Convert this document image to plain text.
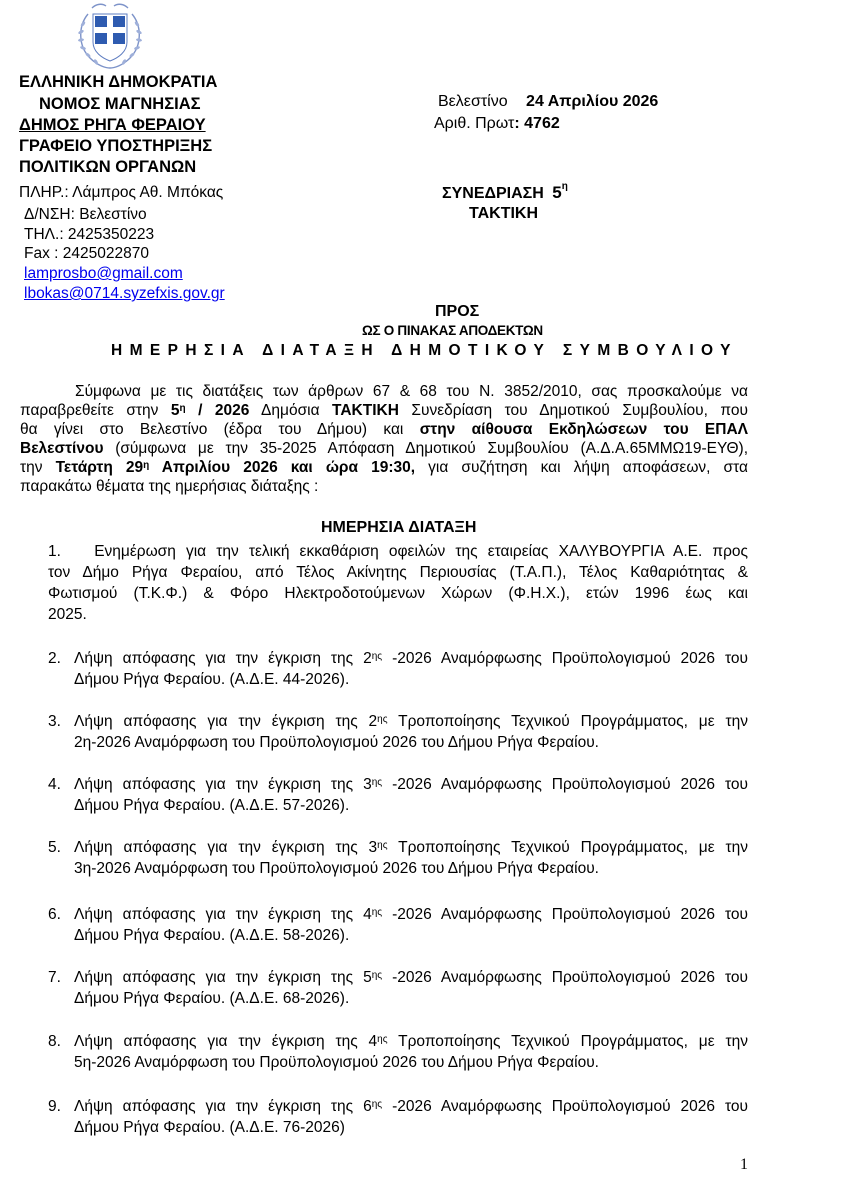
ΕΛΛΗΝΙΚΗ ΔΗΜΟΚΡΑΤΙΑ
ΝΟΜΟΣ ΜΑΓΝΗΣΙΑΣ
ΔΗΜΟΣ ΡΗΓΑ ΦΕΡΑΙΟΥ
ΓΡΑΦΕΙΟ ΥΠΟΣΤΗΡΙΞΗΣ
ΠΟΛΙΤΙΚΩΝ ΟΡΓΑΝΩΝ
ΠΛΗΡ.: Λάμπρος Αθ. Μπόκας
Δ/ΝΣΗ: Βελεστίνο
ΤΗΛ.: 2425350223
Fax : 2425022870
lamprosbo@gmail.com
lbokas@0714.syzefxis.gov.gr
Βελεστίνο 24 Απριλίου 2026
Αριθ. Πρωτ: 4762
ΣΥΝΕΔΡΙΑΣΗ $5^\eta$
ΤΑΚΤΙΚΗ
ΠΡΟΣ
ΩΣ Ο ΠΙΝΑΚΑΣ ΑΠΟΔΕΚΤΩΝ
ΗΜΕΡΗΣΙΑ ΔΙΑΤΑΞΗ ΔΗΜΟΤΙΚΟΥ ΣΥΜΒΟΥΛΙΟΥ
Σύμφωνα με τις διατάξεις των άρθρων 67 & 68 του Ν. 3852/2010, σας προσκαλούμε να
παραβρεθείτε στην $5^\eta / 2026$ Δημόσια ΤΑΚΤΙΚΗ Συνεδρίαση του Δημοτικού Συμβουλίου, που
θα γίνει στο Βελεστίνο (έδρα του Δήμου) και στην αίθουσα Εκδηλώσεων του ΕΠΑΛ
Βελεστίνου (σύμφωνα με την 35-2025 Απόφαση Δημοτικού Συμβουλίου (Α.Δ.Α.65ΜΜΩ19-ΕΥΘ),
την Τετάρτη $29^\eta$ Απριλίου 2026 και ώρα 19:30, για συζήτηση και λήψη αποφάσεων, στα
παρακάτω θέματα της ημερήσιας διάταξης :
ΗΜΕΡΗΣΙΑ ΔΙΑΤΑΞΗ
1. Ενημέρωση για την τελική εκκαθάριση οφειλών της εταιρείας ΧΑΛΥΒΟΥΡΓΙΑ Α.Ε. προς
τον Δήμο Ρήγα Φεραίου, από Τέλος Ακίνητης Περιουσίας (Τ.Α.Π.), Τέλος Καθαριότητας &
Φωτισμού (Τ.Κ.Φ.) & Φόρο Ηλεκτροδοτούμενων Χώρων (Φ.Η.Χ.), ετών 1996 έως και
2025.
2. Λήψη απόφασης για την έγκριση της $2^{\eta\varsigma}$ -2026 Αναμόρφωσης Προϋπολογισμού 2026 του
Δήμου Ρήγα Φεραίου. (Α.Δ.Ε. 44-2026).
3. Λήψη απόφασης για την έγκριση της $2^{\eta\varsigma}$ Τροποποίησης Τεχνικού Προγράμματος, με την
2η-2026 Αναμόρφωση του Προϋπολογισμού 2026 του Δήμου Ρήγα Φεραίου.
4. Λήψη απόφασης για την έγκριση της $3^{\eta\varsigma}$ -2026 Αναμόρφωσης Προϋπολογισμού 2026 του
Δήμου Ρήγα Φεραίου. (Α.Δ.Ε. 57-2026).
5. Λήψη απόφασης για την έγκριση της $3^{\eta\varsigma}$ Τροποποίησης Τεχνικού Προγράμματος, με την
3η-2026 Αναμόρφωση του Προϋπολογισμού 2026 του Δήμου Ρήγα Φεραίου.
6. Λήψη απόφασης για την έγκριση της $4^{\eta\varsigma}$ -2026 Αναμόρφωσης Προϋπολογισμού 2026 του
Δήμου Ρήγα Φεραίου. (Α.Δ.Ε. 58-2026).
7. Λήψη απόφασης για την έγκριση της $5^{\eta\varsigma}$ -2026 Αναμόρφωσης Προϋπολογισμού 2026 του
Δήμου Ρήγα Φεραίου. (Α.Δ.Ε. 68-2026).
8. Λήψη απόφασης για την έγκριση της $4^{\eta\varsigma}$ Τροποποίησης Τεχνικού Προγράμματος, με την
5η-2026 Αναμόρφωση του Προϋπολογισμού 2026 του Δήμου Ρήγα Φεραίου.
9. Λήψη απόφασης για την έγκριση της $6^{\eta\varsigma}$ -2026 Αναμόρφωσης Προϋπολογισμού 2026 του
Δήμου Ρήγα Φεραίου. (Α.Δ.Ε. 76-2026)
1
